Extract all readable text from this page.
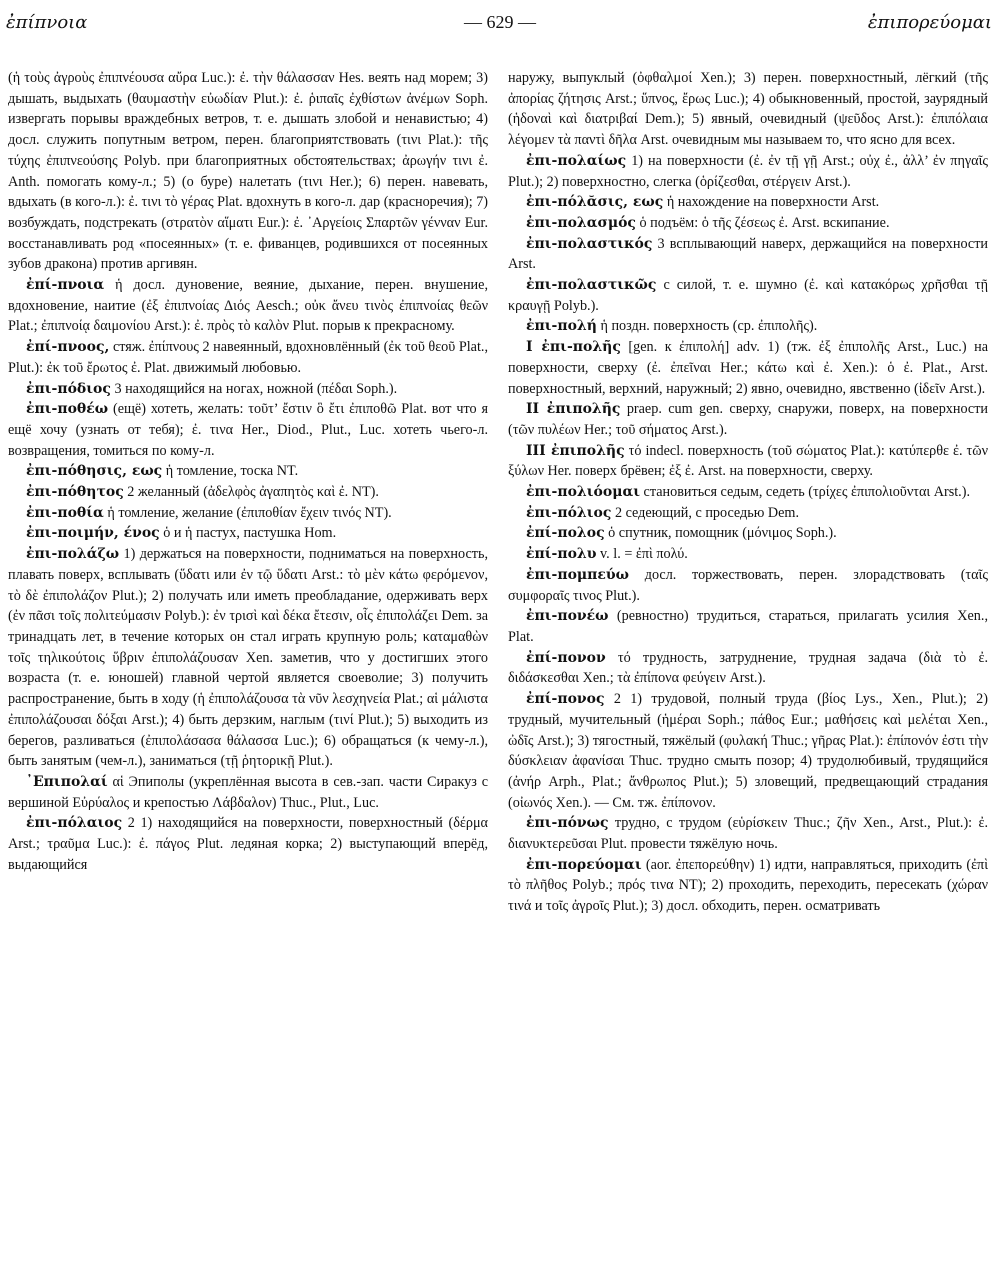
ἐπίπνοια	— 629 —	ἐπιπορεύομαι

(ἡ τοὺς ἀγροὺς ἐπιπνέουσα αὔρα Luc.): ἐ. τὴν θάλασσαν Hes. веять над морем; 3) дышать, выдыхать (θαυμαστὴν εὐωδίαν Plut.): ἐ. ῥιπαῖς ἐχθίστων ἀνέμων Soph. извергать порывы враждебных ветров, т. е. дышать злобой и ненавистью; 4) досл. служить попутным ветром, перен. благоприятствовать (τινι Plat.): τῆς τύχης ἐπιπνεούσης Polyb. при благоприятных обстоятельствах; ἀρωγήν τινι ἐ. Anth. помогать кому-л.; 5) (о буре) налетать (τινι Her.); 6) перен. навевать, вдыхать (в кого-л.): ἐ. τινι τὸ γέρας Plat. вдохнуть в кого-л. дар (красноречия); 7) возбуждать, подстрекать (στρατὸν αἵματι Eur.): ἐ. ᾿Αργείοις Σπαρτῶν γένναν Eur. восстанавливать род «посеянных» (т. е. фиванцев, родившихся от посеянных зубов дракона) против аргивян.

ἐπί-πνοια ἡ досл. дуновение, веяние, дыхание, перен. внушение, вдохновение, наитие (ἐξ ἐπιπνοίας Διός Aesch.; οὐκ ἄνευ τινὸς ἐπιπνοίας θεῶν Plat.; ἐπιπνοίᾳ δαιμονίου Arst.): ἐ. πρὸς τὸ καλὸν Plut. порыв к прекрасному.

ἐπί-πνοος, стяж. ἐπίπνους 2 навеянный, вдохновлённый (ἐκ τοῦ θεοῦ Plat., Plut.): ἐκ τοῦ ἔρωτος ἐ. Plat. движимый любовью.

ἐπι-πόδιος 3 находящийся на ногах, ножной (πέδαι Soph.).

ἐπι-ποθέω (ещё) хотеть, желать: τοῦτ’ ἔστιν ὃ ἔτι ἐπιποθῶ Plat. вот что я ещё хочу (узнать от тебя); ἐ. τινα Her., Diod., Plut., Luc. хотеть чьего-л. возвращения, томиться по кому-л.

ἐπι-πόθησις, εως ἡ томление, тоска NT.

ἐπι-πόθητος 2 желанный (ἀδελφὸς ἀγαπητὸς καὶ ἐ. NT).

ἐπι-ποθία ἡ томление, желание (ἐπιποθίαν ἔχειν τινός NT).

ἐπι-ποιμήν, ένος ὁ и ἡ пастух, пастушка Hom.

ἐπι-πολάζω 1) держаться на поверхности, подниматься на поверхность, плавать поверх, всплывать (ὕδατι или ἐν τῷ ὕδατι Arst.: τὸ μὲν κάτω φερόμενον, τὸ δὲ ἐπιπολάζον Plut.); 2) получать или иметь преобладание, одерживать верх (ἐν πᾶσι τοῖς πολιτεύμασιν Polyb.): ἐν τρισὶ καὶ δέκα ἔτεσιν, οἷς ἐπιπολάζει Dem. за тринадцать лет, в течение которых он стал играть крупную роль; καταμαθὼν τοῖς τηλικούτοις ὕβριν ἐπιπολάζουσαν Xen. заметив, что у достигших этого возраста (т. е. юношей) главной чертой является своеволие; 3) получить распространение, быть в ходу (ἡ ἐπιπολάζουσα τὰ νῦν λεσχηνεία Plat.; αἱ μάλιστα ἐπιπολάζουσαι δόξαι Arst.); 4) быть дерзким, наглым (τινί Plut.); 5) выходить из берегов, разливаться (ἐπιπολάσασα θάλασσα Luc.); 6) обращаться (к чему-л.), быть занятым (чем-л.), заниматься (τῇ ῥητορικῇ Plut.).

᾿Επιπολαί αἱ Эпиполы (укреплённая высота в сев.-зап. части Сиракуз с вершиной Εὐρύαλος и крепостью Λάβδαλον) Thuc., Plut., Luc.

ἐπι-πόλαιος 2 1) находящийся на поверхности, поверхностный (δέρμα Arst.; τραῦμα Luc.): ἐ. πάγος Plut. ледяная корка; 2) выступающий вперёд, выдающийся

наружу, выпуклый (ὀφθαλμοί Xen.); 3) перен. поверхностный, лёгкий (τῆς ἀπορίας ζήτησις Arst.; ὕπνος, ἔρως Luc.); 4) обыкновенный, простой, заурядный (ἡδοναὶ καὶ διατριβαί Dem.); 5) явный, очевидный (ψεῦδος Arst.): ἐπιπόλαια λέγομεν τὰ παντὶ δῆλα Arst. очевидным мы называем то, что ясно для всех.

ἐπι-πολαίως 1) на поверхности (ἐ. ἐν τῇ γῇ Arst.; οὐχ ἐ., ἀλλ’ ἐν πηγαῖς Plut.); 2) поверхностно, слегка (ὁρίζεσθαι, στέργειν Arst.).

ἐπι-πόλᾰσις, εως ἡ нахождение на поверхности Arst.

ἐπι-πολασμός ὁ подъём: ὁ τῆς ζέσεως ἐ. Arst. вскипание.

ἐπι-πολαστικός 3 всплывающий наверх, держащийся на поверхности Arst.

ἐπι-πολαστικῶς с силой, т. е. шумно (ἐ. καὶ κατακόρως χρῆσθαι τῇ κραυγῇ Polyb.).

ἐπι-πολή ἡ поздн. поверхность (ср. ἐπιπολῆς).

I ἐπι-πολῆς [gen. к ἐπιπολή] adv. 1) (тж. ἐξ ἐπιπολῆς Arst., Luc.) на поверхности, сверху (ἐ. ἐπεῖναι Her.; κάτω καὶ ἐ. Xen.): ὁ ἐ. Plat., Arst. поверхностный, верхний, наружный; 2) явно, очевидно, явственно (ἰδεῖν Arst.).

II ἐπιπολῆς praep. cum gen. сверху, снаружи, поверх, на поверхности (τῶν πυλέων Her.; τοῦ σήματος Arst.).

III ἐπιπολῆς τό indecl. поверхность (τοῦ σώματος Plat.): κατύπερθε ἐ. τῶν ξύλων Her. поверх брёвен; ἐξ ἐ. Arst. на поверхности, сверху.

ἐπι-πολιόομαι становиться седым, седеть (τρίχες ἐπιπολιοῦνται Arst.).

ἐπι-πόλιος 2 седеющий, с проседью Dem.

ἐπί-πολος ὁ спутник, помощник (μόνιμος Soph.).

ἐπί-πολυ v. l. = ἐπὶ πολύ.

ἐπι-πομπεύω досл. торжествовать, перен. злорадствовать (ταῖς συμφοραῖς τινος Plut.).

ἐπι-πονέω (ревностно) трудиться, стараться, прилагать усилия Xen., Plat.

ἐπί-πονον τό трудность, затруднение, трудная задача (διὰ τὸ ἐ. διδάσκεσθαι Xen.; τὰ ἐπίπονα φεύγειν Arst.).

ἐπί-πονος 2 1) трудовой, полный труда (βίος Lys., Xen., Plut.); 2) трудный, мучительный (ἡμέραι Soph.; πάθος Eur.; μαθήσεις καὶ μελέται Xen., ὠδῖς Arst.); 3) тягостный, тяжёлый (φυλακή Thuc.; γῆρας Plat.): ἐπίπονόν ἐστι τὴν δύσκλειαν ἀφανίσαι Thuc. трудно смыть позор; 4) трудолюбивый, трудящийся (ἀνήρ Arph., Plat.; ἄνθρωπος Plut.); 5) зловещий, предвещающий страдания (οἰωνός Xen.). — См. тж. ἐπίπονον.

ἐπι-πόνως трудно, с трудом (εὑρίσκειν Thuc.; ζῆν Xen., Arst., Plut.): ἐ. διανυκτερεῦσαι Plut. провести тяжёлую ночь.

ἐπι-πορεύομαι (aor. ἐπεπορεύθην) 1) идти, направляться, приходить (ἐπὶ τὸ πλῆθος Polyb.; πρός τινα NT); 2) проходить, переходить, пересекать (χώραν τινά и τοῖς ἀγροῖς Plut.); 3) досл. обходить, перен. осматривать
